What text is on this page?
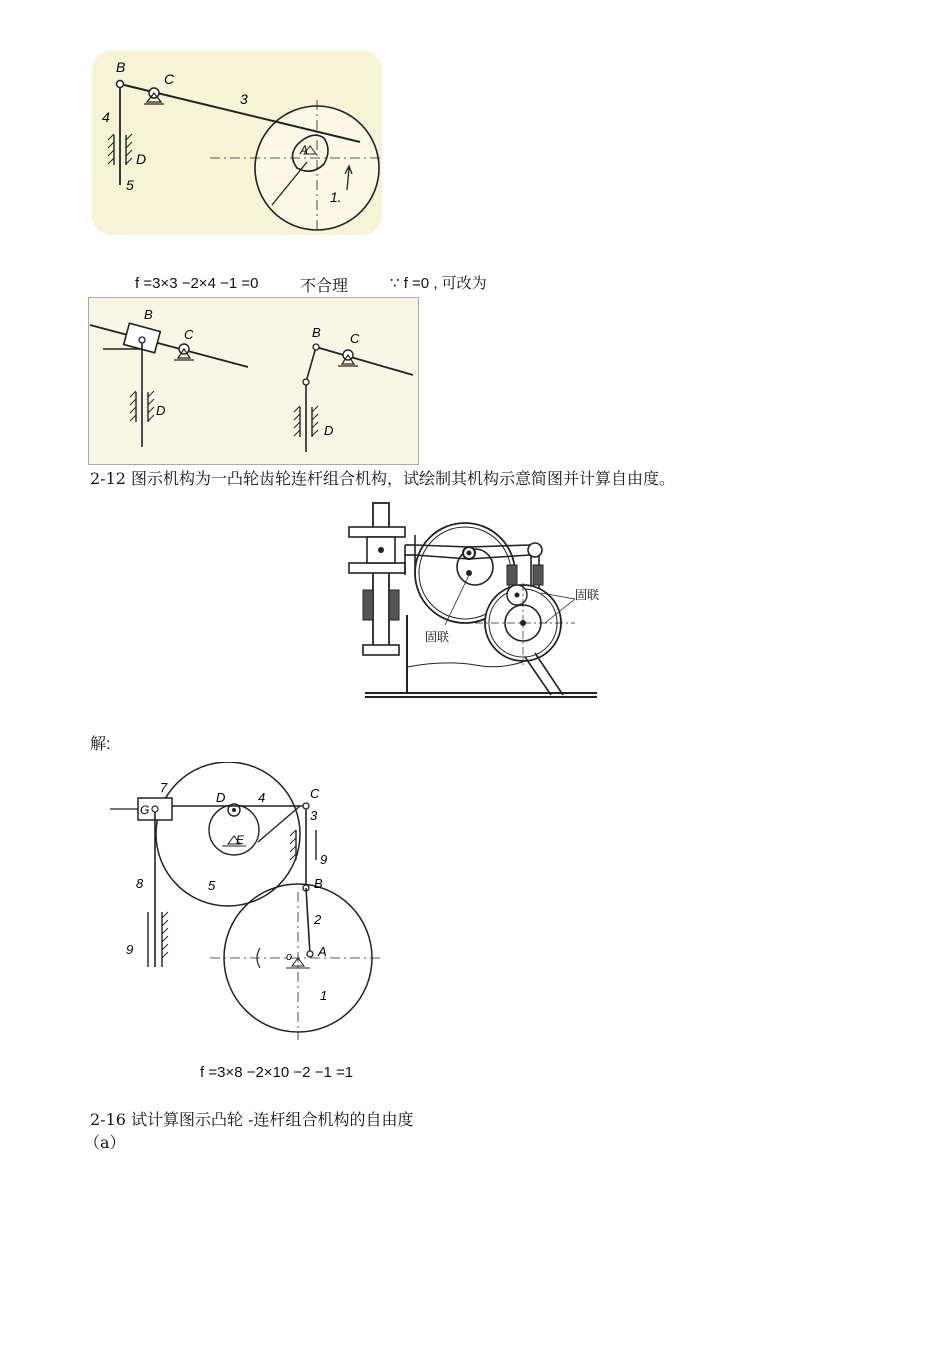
B
C
3
4
D
5
A
1.
f =3×3 −2×4 −1 =0	不合理	∵ f =0 , 可改为
B
C
D
B C
D
2-12 图示机构为一凸轮齿轮连杆组合机构，试绘制其机构示意简图并计算自由度。
固联
固联
解:
7
G
D	4	C
E
3
9
8	5	B
2
9	o A
1
f =3×8 −2×10 −2 −1 =1
2-16 试计算图示凸轮 -连杆组合机构的自由度
（a）
